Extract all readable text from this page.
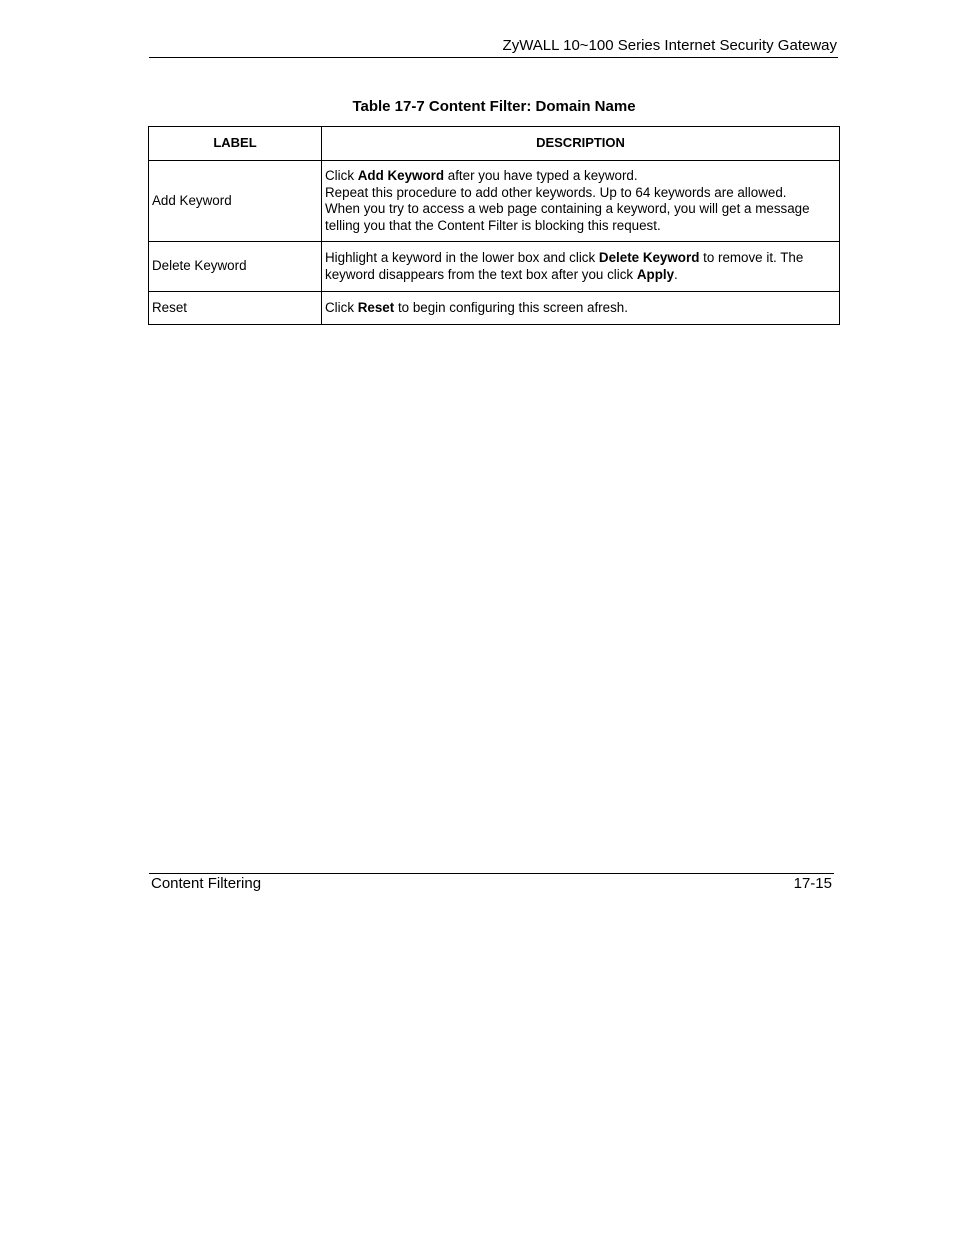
ZyWALL 10~100 Series Internet Security Gateway
Table 17-7 Content Filter: Domain Name
LABEL	DESCRIPTION
Add Keyword	Click Add Keyword after you have typed a keyword.
Repeat this procedure to add other keywords. Up to 64 keywords are allowed.
When you try to access a web page containing a keyword, you will get a message telling you that the Content Filter is blocking this request.

Delete Keyword	Highlight a keyword in the lower box and click Delete Keyword to remove it. The keyword disappears from the text box after you click Apply.
Reset	Click Reset to begin configuring this screen afresh.
Content Filtering	17-15
